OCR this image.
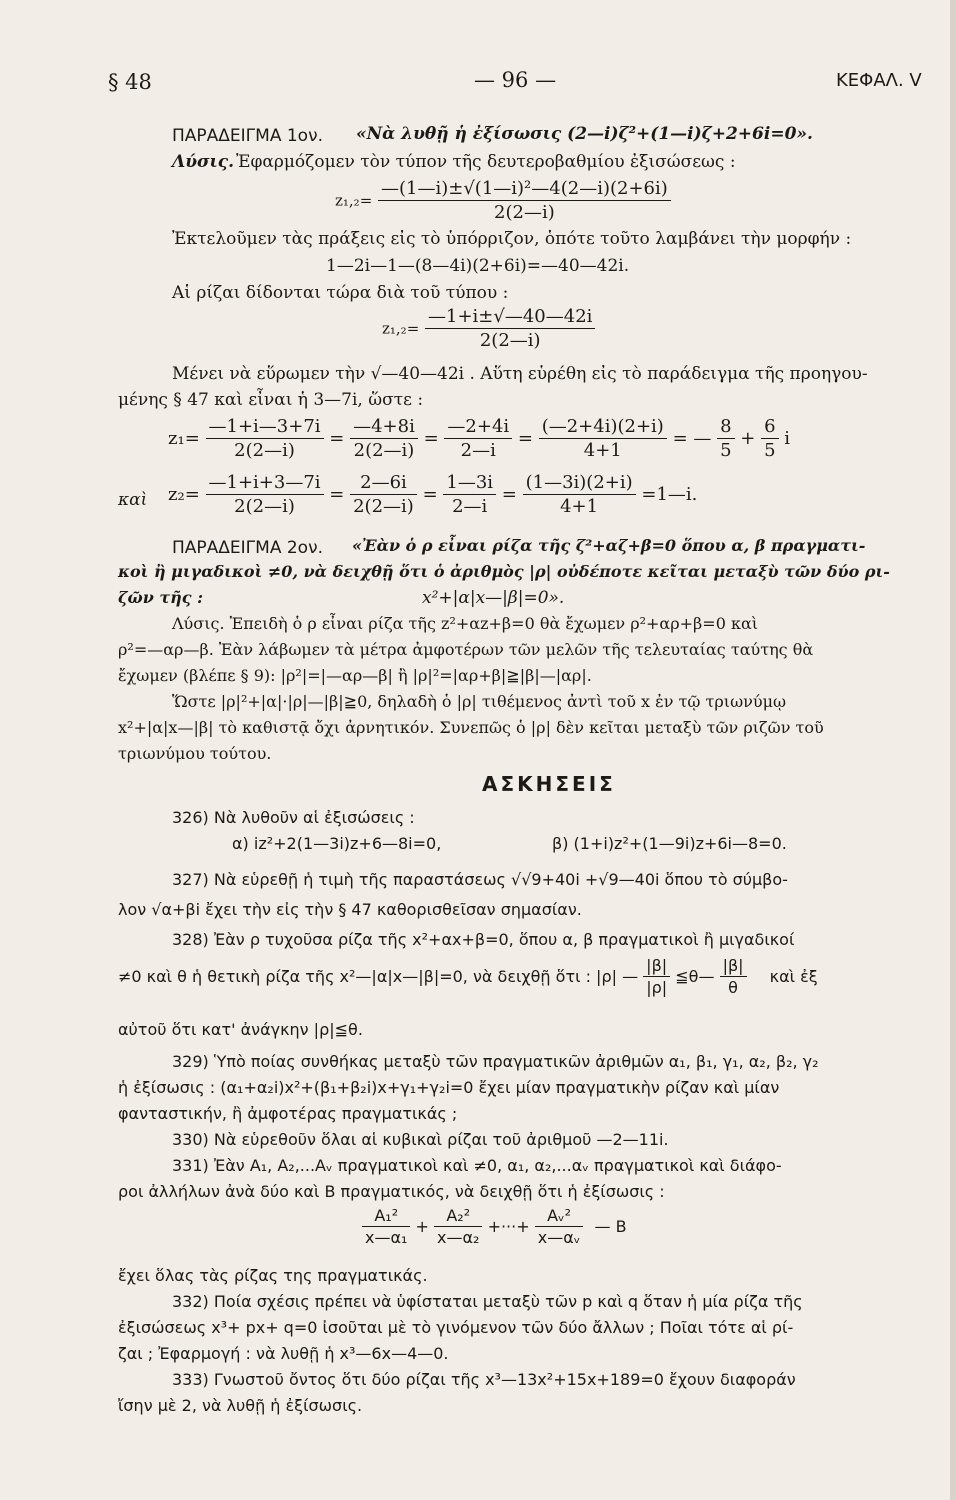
§ 48	— 96 —	ΚΕΦΑΛ. V
ΠΑΡΑΔΕΙΓΜΑ 1ον. «Νὰ λυθῇ ἡ ἐξίσωσις (2—i)ζ²+(1—i)ζ+2+6i=0».
Λύσις. Ἐφαρμόζομεν τὸν τύπον τῆς δευτεροβαθμίου ἐξισώσεως :
$z_1,_2= \frac{\text{—(1—i)±√(1—i)²—4(2—i)(2+6i)}}{2(2—i)}$
Ἐκτελοῦμεν τὰς πράξεις εἰς τὸ ὑπόρριζον, ὁπότε τοῦτο λαμβάνει τὴν μορφήν :
1—2i—1—(8—4i)(2+6i)=—40—42i.
Αἱ ρίζαι δίδονται τώρα διὰ τοῦ τύπου :
$z_1,_2= \frac{—1+i\pm√—40—42i}{2(2—i)}$
Μένει νὰ εὕρωμεν τὴν √—40—42i . Αὕτη εὑρέθη εἰς τὸ παράδειγμα τῆς προηγου-
μένης § 47 καὶ εἶναι ἡ 3—7i, ὥστε :
$z_1= \frac{—1+i—3+7i}{2(2—i)} = \frac{—4+8i}{2(2—i)} = \frac{—2+4i}{2—i} = \frac{(—2+4i)(2+i)}{4+1}$ = — $\frac{8}{5} + \frac{6}{5}$ i
καὶ $z_2= \frac{—1+i+3—7i}{2(2—i)} = \frac{2—6i}{2(2—i)} = \frac{1—3i}{2—i} = \frac{(1—3i)(2+i)}{4+1}$ =1—i.
ΠΑΡΑΔΕΙΓΜΑ 2ον. «Ἐὰν ὁ ρ εἶναι ρίζα τῆς ζ²+αζ+β=0 ὅπου α, β πραγματι-
κοὶ ἢ μιγαδικοὶ ≠0, νὰ δειχθῇ ὅτι ὁ ἀριθμὸς |ρ| οὐδέποτε κεῖται μεταξὺ τῶν δύο ρι-
ζῶν τῆς :	x²+|α|x—|β|=0».
Λύσις. Ἐπειδὴ ὁ ρ εἶναι ρίζα τῆς z²+αz+β=0 θὰ ἔχωμεν ρ²+αρ+β=0 καὶ
ρ²=—αρ—β. Ἐὰν λάβωμεν τὰ μέτρα ἀμφοτέρων τῶν μελῶν τῆς τελευταίας ταύτης θὰ
ἔχωμεν (βλέπε § 9): |ρ²|=|—αρ—β| ἢ |ρ|²=|αρ+β|≧|β|—|αρ|.
Ὥστε |ρ|²+|α|·|ρ|—|β|≧0, δηλαδὴ ὁ |ρ| τιθέμενος ἀντὶ τοῦ x ἐν τῷ τριωνύμῳ
x²+|α|x—|β| τὸ καθιστᾷ ὄχι ἀρνητικόν. Συνεπῶς ὁ |ρ| δὲν κεῖται μεταξὺ τῶν ριζῶν τοῦ
τριωνύμου τούτου.
ΑΣΚΗΣΕΙΣ
326) Νὰ λυθοῦν αἱ ἐξισώσεις :
α) iz²+2(1—3i)z+6—8i=0,	β) (1+i)z²+(1—9i)z+6i—8=0.
327) Νὰ εὑρεθῇ ἡ τιμὴ τῆς παραστάσεως √√9+40i +√9—40i ὅπου τὸ σύμβο-
λον √α+βi ἔχει τὴν εἰς τὴν § 47 καθορισθεῖσαν σημασίαν.
328) Ἐὰν ρ τυχοῦσα ρίζα τῆς x²+αx+β=0, ὅπου α, β πραγματικοὶ ἢ μιγαδικοί
≠0 καὶ θ ἡ θετικὴ ρίζα τῆς x²—|α|x—|β|=0, νὰ δειχθῇ ὅτι : |ρ| — $\frac{|\beta|}{|\rho|}$ ≦θ— $\frac{|\beta|}{\theta}$ καὶ ἐξ
αὐτοῦ ὅτι κατ' ἀνάγκην |ρ|≦θ.
329) Ὑπὸ ποίας συνθήκας μεταξὺ τῶν πραγματικῶν ἀριθμῶν α₁, β₁, γ₁, α₂, β₂, γ₂
ἡ ἐξίσωσις : (α₁+α₂i)x²+(β₁+β₂i)x+γ₁+γ₂i=0 ἔχει μίαν πραγματικὴν ρίζαν καὶ μίαν
φανταστικήν, ἢ ἀμφοτέρας πραγματικάς ;
330) Νὰ εὑρεθοῦν ὅλαι αἱ κυβικαὶ ρίζαι τοῦ ἀριθμοῦ —2—11i.
331) Ἐὰν A₁, A₂,...Aᵥ πραγματικοὶ καὶ ≠0, α₁, α₂,...αᵥ πραγματικοὶ καὶ διάφο-
ροι ἀλλήλων ἀνὰ δύο καὶ B πραγματικός, νὰ δειχθῇ ὅτι ἡ ἐξίσωσις :
$\frac{\text{A₁²}}{\text{x—α₁}} + \frac{\text{A₂²}}{\text{x—α₂}}$ +···+ $\frac{\text{Aᵥ²}}{\text{x—αᵥ}}$ — B
ἔχει ὅλας τὰς ρίζας της πραγματικάς.
332) Ποία σχέσις πρέπει νὰ ὑφίσταται μεταξὺ τῶν p καὶ q ὅταν ἡ μία ρίζα τῆς
ἐξισώσεως x³+ px+ q=0 ἰσοῦται μὲ τὸ γινόμενον τῶν δύο ἄλλων ; Ποῖαι τότε αἱ ρί-
ζαι ; Ἐφαρμογή : νὰ λυθῇ ἡ x³—6x—4—0.
333) Γνωστοῦ ὄντος ὅτι δύο ρίζαι τῆς x³—13x²+15x+189=0 ἔχουν διαφοράν
ἴσην μὲ 2, νὰ λυθῇ ἡ ἐξίσωσις.
